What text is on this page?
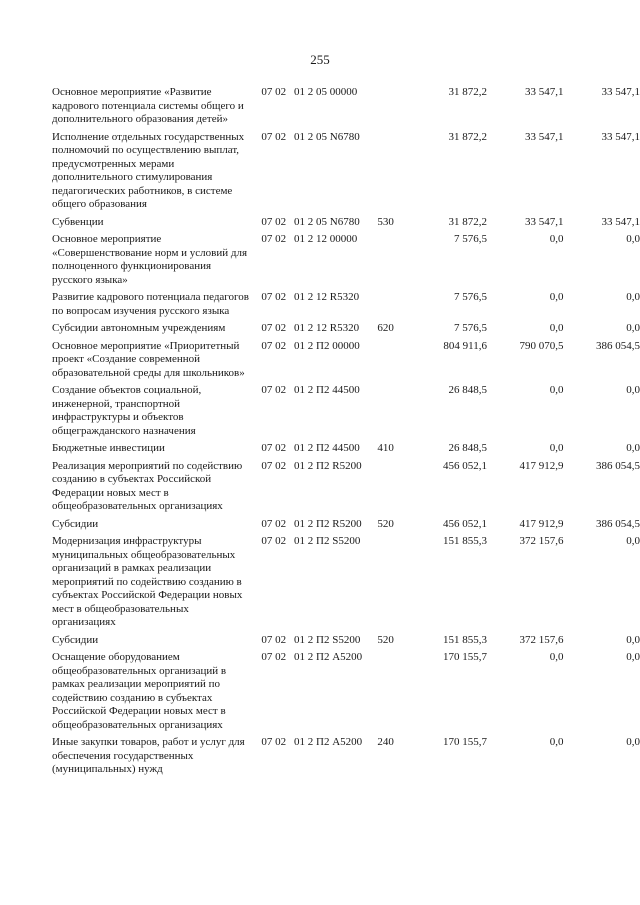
255
Основное мероприятие «Развитие кадрового потенциала системы общего и дополнительного образования детей»	07 02	01 2 05 00000		31 872,2	33 547,1	33 547,1
Исполнение отдельных государственных полномочий по осуществлению выплат, предусмотренных мерами дополнительного стимулирования педагогических работников, в системе общего образования	07 02	01 2 05 N6780		31 872,2	33 547,1	33 547,1
Субвенции	07 02	01 2 05 N6780	530	31 872,2	33 547,1	33 547,1
Основное мероприятие «Совершенствование норм и условий для полноценного функционирования русского языка»	07 02	01 2 12 00000		7 576,5	0,0	0,0
Развитие кадрового потенциала педагогов по вопросам изучения русского языка	07 02	01 2 12 R5320		7 576,5	0,0	0,0
Субсидии автономным учреждениям	07 02	01 2 12 R5320	620	7 576,5	0,0	0,0
Основное мероприятие «Приоритетный проект «Создание современной образовательной среды для школьников»	07 02	01 2 П2 00000		804 911,6	790 070,5	386 054,5
Создание объектов социальной, инженерной, транспортной инфраструктуры и объектов общегражданского назначения	07 02	01 2 П2 44500		26 848,5	0,0	0,0
Бюджетные инвестиции	07 02	01 2 П2 44500	410	26 848,5	0,0	0,0
Реализация мероприятий по содействию созданию в субъектах Российской Федерации новых мест в общеобразовательных организациях	07 02	01 2 П2 R5200		456 052,1	417 912,9	386 054,5
Субсидии	07 02	01 2 П2 R5200	520	456 052,1	417 912,9	386 054,5
Модернизация инфраструктуры муниципальных общеобразовательных организаций в рамках реализации мероприятий по содействию созданию в субъектах Российской Федерации новых мест в общеобразовательных организациях	07 02	01 2 П2 S5200		151 855,3	372 157,6	0,0
Субсидии	07 02	01 2 П2 S5200	520	151 855,3	372 157,6	0,0
Оснащение оборудованием общеобразовательных организаций в рамках реализации мероприятий по содействию созданию в субъектах Российской Федерации новых мест в общеобразовательных организациях	07 02	01 2 П2 А5200		170 155,7	0,0	0,0
Иные закупки товаров, работ и услуг для обеспечения государственных (муниципальных) нужд	07 02	01 2 П2 А5200	240	170 155,7	0,0	0,0
